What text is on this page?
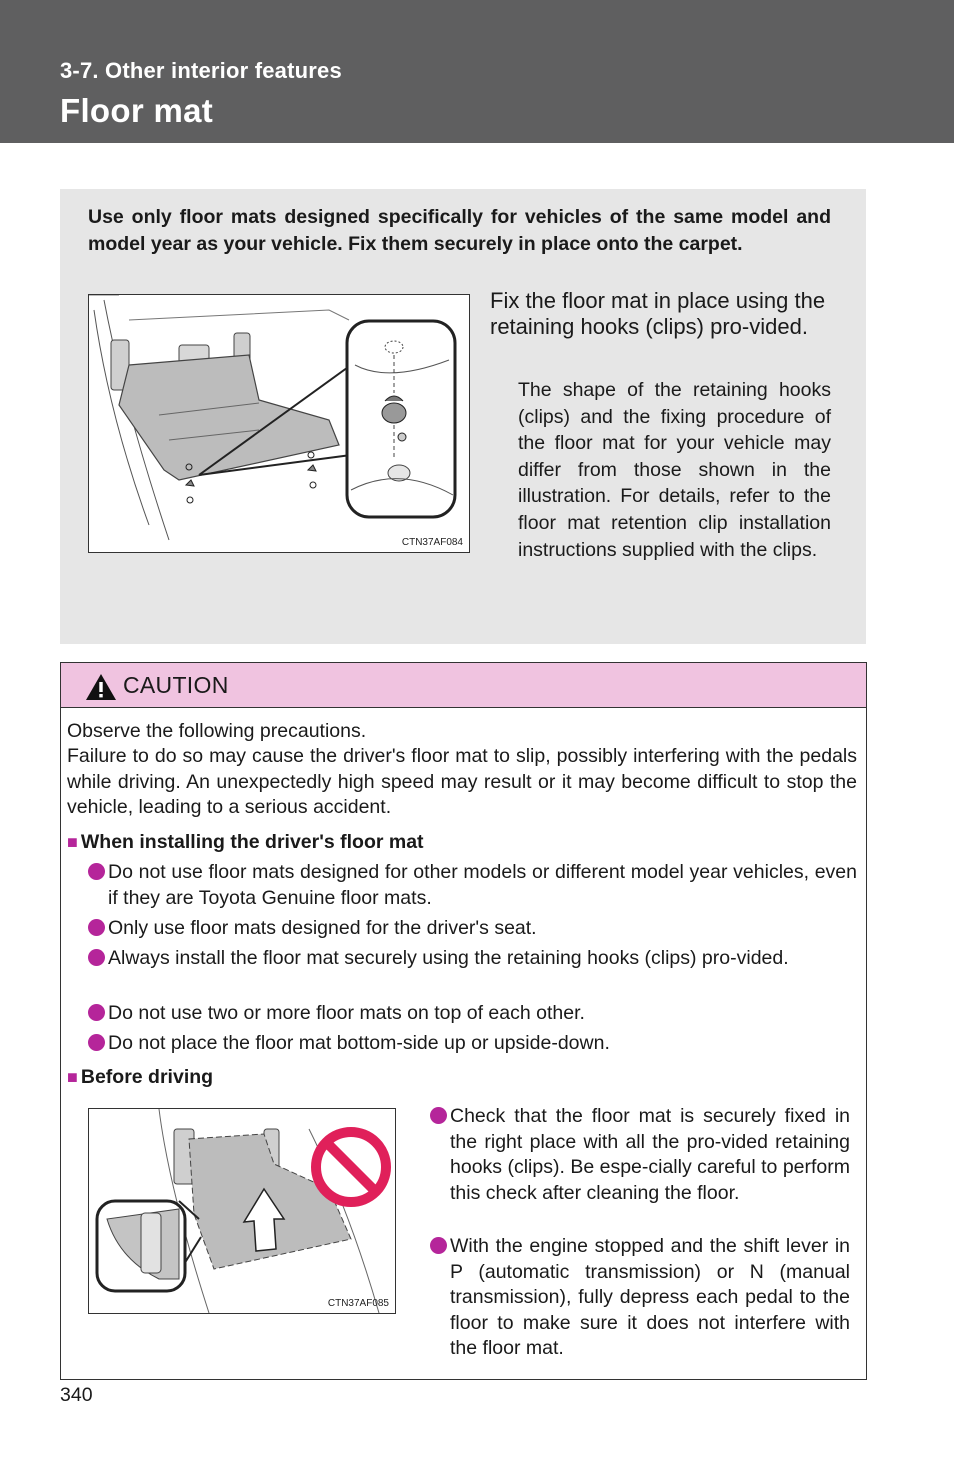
3-7. Other interior features
Floor mat
Use only floor mats designed specifically for vehicles of the same model and model year as your vehicle. Fix them securely in place onto the carpet.
CTN37AF084
Fix the floor mat in place using the retaining hooks (clips) pro-vided.
The shape of the retaining hooks (clips) and the fixing procedure of the floor mat for your vehicle may differ from those shown in the illustration. For details, refer to the floor mat retention clip installation instructions supplied with the clips.
CAUTION
Observe the following precautions.
Failure to do so may cause the driver's floor mat to slip, possibly interfering with the pedals while driving. An unexpectedly high speed may result or it may become difficult to stop the vehicle, leading to a serious accident.
■ When installing the driver's floor mat
Do not use floor mats designed for other models or different model year vehicles, even if they are Toyota Genuine floor mats.
Only use floor mats designed for the driver's seat.
Always install the floor mat securely using the retaining hooks (clips) pro-vided.
Do not use two or more floor mats on top of each other.
Do not place the floor mat bottom-side up or upside-down.
■ Before driving
CTN37AF085
Check that the floor mat is securely fixed in the right place with all the pro-vided retaining hooks (clips). Be espe-cially careful to perform this check after cleaning the floor.
With the engine stopped and the shift lever in P (automatic transmission) or N (manual transmission), fully depress each pedal to the floor to make sure it does not interfere with the floor mat.
340
